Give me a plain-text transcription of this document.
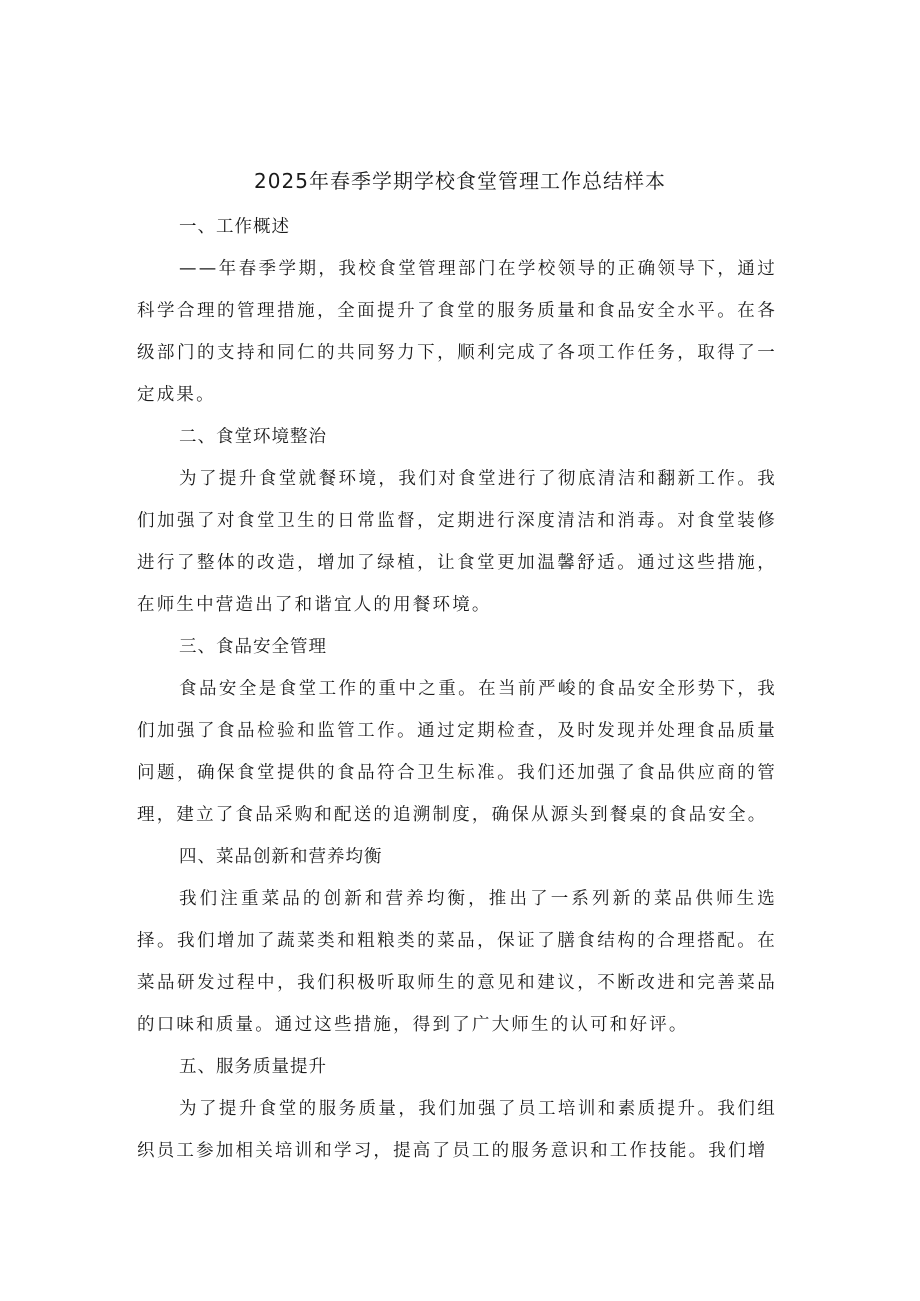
2025年春季学期学校食堂管理工作总结样本
一、工作概述

——年春季学期，我校食堂管理部门在学校领导的正确领导下，通过科学合理的管理措施，全面提升了食堂的服务质量和食品安全水平。在各级部门的支持和同仁的共同努力下，顺利完成了各项工作任务，取得了一定成果。

二、食堂环境整治

为了提升食堂就餐环境，我们对食堂进行了彻底清洁和翻新工作。我们加强了对食堂卫生的日常监督，定期进行深度清洁和消毒。对食堂装修进行了整体的改造，增加了绿植，让食堂更加温馨舒适。通过这些措施，在师生中营造出了和谐宜人的用餐环境。

三、食品安全管理

食品安全是食堂工作的重中之重。在当前严峻的食品安全形势下，我们加强了食品检验和监管工作。通过定期检查，及时发现并处理食品质量问题，确保食堂提供的食品符合卫生标准。我们还加强了食品供应商的管理，建立了食品采购和配送的追溯制度，确保从源头到餐桌的食品安全。

四、菜品创新和营养均衡

我们注重菜品的创新和营养均衡，推出了一系列新的菜品供师生选择。我们增加了蔬菜类和粗粮类的菜品，保证了膳食结构的合理搭配。在菜品研发过程中，我们积极听取师生的意见和建议，不断改进和完善菜品的口味和质量。通过这些措施，得到了广大师生的认可和好评。

五、服务质量提升

为了提升食堂的服务质量，我们加强了员工培训和素质提升。我们组织员工参加相关培训和学习，提高了员工的服务意识和工作技能。我们增
